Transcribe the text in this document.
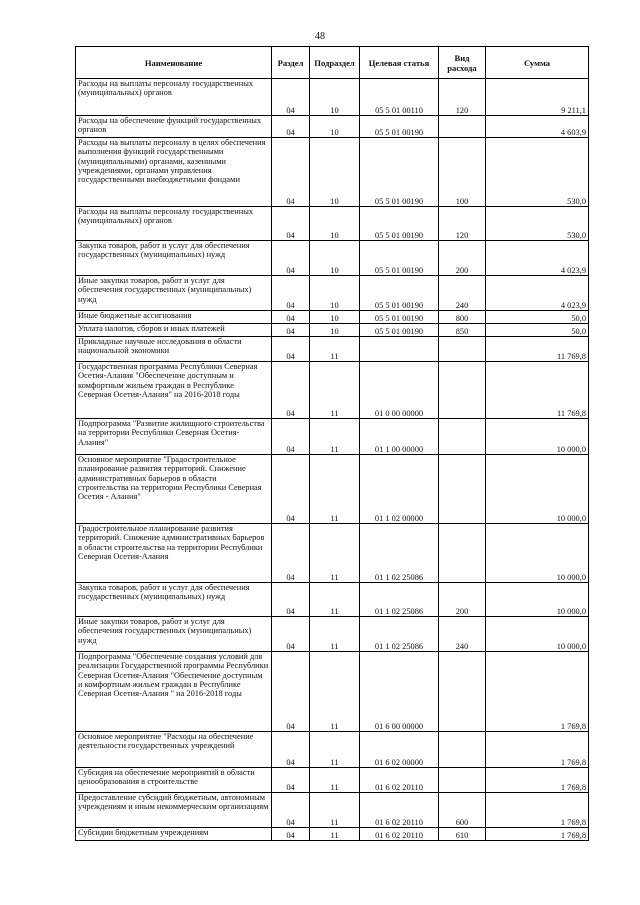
48
Наименование	Раздел	Подраздел	Целевая статья	Вид расхода	Сумма
Расходы на выплаты персоналу государственных (муниципальных) органов	04	10	05 5 01 00110	120	9 211,1
Расходы на обеспечение функций государственных органов	04	10	05 5 01 00190		4 603,9
Расходы на выплаты персоналу в целях обеспечения выполнения функций государственными (муниципальными) органами, казенными учреждениями, органами управления государственными внебюджетными фондами	04	10	05 5 01 00190	100	530,0
Расходы на выплаты персоналу государственных (муниципальных) органов	04	10	05 5 01 00190	120	530,0
Закупка товаров, работ и услуг для обеспечения государственных (муниципальных) нужд	04	10	05 5 01 00190	200	4 023,9
Иные закупки товаров, работ и услуг для обеспечения государственных (муниципальных) нужд	04	10	05 5 01 00190	240	4 023,9
Иные бюджетные ассигнования	04	10	05 5 01 00190	800	50,0
Уплата налогов, сборов и иных платежей	04	10	05 5 01 00190	850	50,0
Прикладные научные исследования в области национальной экономики	04	11			11 769,8
Государственная программа Республики Северная Осетия-Алания "Обеспечение доступным и комфортным жильем граждан в Республике Северная Осетия-Алания" на 2016-2018 годы	04	11	01 0 00 00000		11 769,8
Подпрограмма "Развитие жилищного строительства на территории Республики Северная Осетия-Алания"	04	11	01 1 00 00000		10 000,0
Основное мероприятие "Градостроительное планирование развития территорий. Снижение административных барьеров в области строительства на территории Республики Северная Осетия - Алания"	04	11	01 1 02 00000		10 000,0
Градостроительное планирование развития территорий. Снижение административных барьеров в области строительства на территории Республики Северная Осетия-Алания	04	11	01 1 02 25086		10 000,0
Закупка товаров, работ и услуг для обеспечения государственных (муниципальных) нужд	04	11	01 1 02 25086	200	10 000,0
Иные закупки товаров, работ и услуг для обеспечения государственных (муниципальных) нужд	04	11	01 1 02 25086	240	10 000,0
Подпрограмма "Обеспечение создания условий для реализации Государственной программы Республики Северная Осетия-Алания "Обеспечение доступным и комфортным жильем граждан в Республике Северная Осетия-Алания " на 2016-2018 годы	04	11	01 6 00 00000		1 769,8
Основное мероприятие "Расходы на обеспечение деятельности государственных учреждений	04	11	01 6 02 00000		1 769,8
Субсидия на обеспечение мероприятий в области ценообразования в строительстве	04	11	01 6 02 20110		1 769,8
Предоставление субсидий бюджетным, автономным учреждениям и иным некоммерческим организациям	04	11	01 6 02 20110	600	1 769,8
Субсидии бюджетным учреждениям	04	11	01 6 02 20110	610	1 769,8
